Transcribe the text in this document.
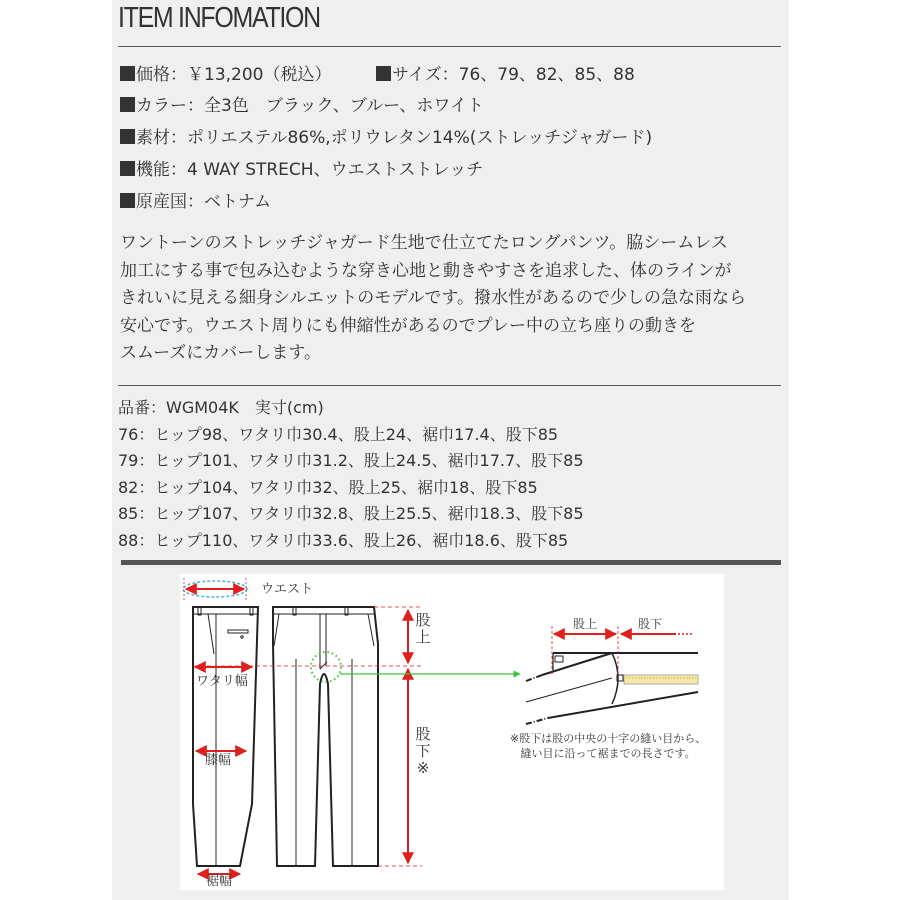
ITEM INFOMATION
価格：￥13,200（税込）	サイズ：76、79、82、85、88
カラー：全3色　ブラック、ブルー、ホワイト
素材：ポリエステル86%,ポリウレタン14%(ストレッチジャガード)
機能：4 WAY STRECH、ウエストストレッチ
原産国：ベトナム
ワントーンのストレッチジャガード生地で仕立てたロングパンツ。脇シームレス
加工にする事で包み込むような穿き心地と動きやすさを追求した、体のラインが
きれいに見える細身シルエットのモデルです。撥水性があるので少しの急な雨なら
安心です。ウエスト周りにも伸縮性があるのでプレー中の立ち座りの動きを
スムーズにカバーします。
品番：WGM04K　実寸(cm)
76：ヒップ98、ワタリ巾30.4、股上24、裾巾17.4、股下85
79：ヒップ101、ワタリ巾31.2、股上24.5、裾巾17.7、股下85
82：ヒップ104、ワタリ巾32、股上25、裾巾18、股下85
85：ヒップ107、ワタリ巾32.8、股上25.5、裾巾18.3、股下85
88：ヒップ110、ワタリ巾33.6、股上26、裾巾18.6、股下85
ウエスト
ワタリ幅
膝幅
裾幅
股
上
股
下
※
股上	股下
※股下は股の中央の十字の縫い目から、
縫い目に沿って裾までの長さです。
